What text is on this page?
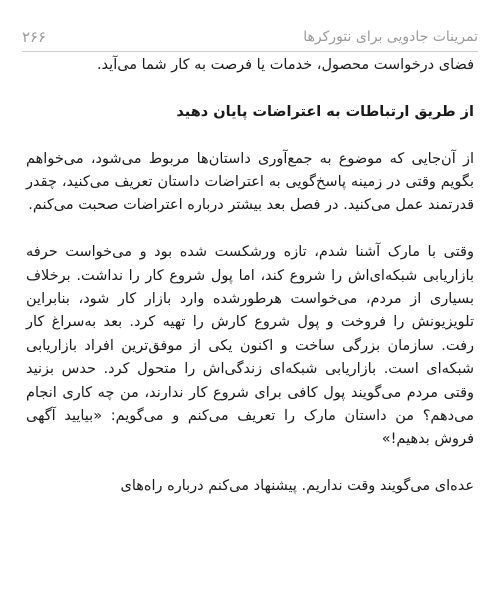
تمرینات جادویی برای نتورکرها
۲۶۶

فضای درخواست محصول، خدمات یا فرصت به کار شما می‌آید.

از طریق ارتباطات به اعتراضات پایان دهید

از آن‌جایی که موضوع به جمع‌آوری داستان‌ها مربوط می‌شود، می‌خواهم بگویم وقتی در زمینه پاسخ‌گویی به اعتراضات داستان تعریف می‌کنید، چقدر قدرتمند عمل می‌کنید. در فصل بعد بیشتر درباره اعتراضات صحبت می‌کنم.

وقتی با مارک آشنا شدم، تازه ورشکست شده بود و می‌خواست حرفه بازاریابی شبکه‌ای‌اش را شروع کند، اما پول شروع کار را نداشت. برخلاف بسیاری از مردم، می‌خواست هرطورشده وارد بازار کار شود، بنابراین تلویزیونش را فروخت و پول شروع کارش را تهیه کرد. بعد به‌سراغ کار رفت. سازمان بزرگی ساخت و اکنون یکی از موفق‌ترین افراد بازاریابی شبکه‌ای است. بازاریابی شبکه‌ای زندگی‌اش را متحول کرد. حدس بزنید وقتی مردم می‌گویند پول کافی برای شروع کار ندارند، من چه کاری انجام می‌دهم؟ من داستان مارک را تعریف می‌کنم و می‌گویم: «بیایید آگهی فروش بدهیم!»

عده‌ای می‌گویند وقت نداریم. پیشنهاد می‌کنم درباره راه‌های
